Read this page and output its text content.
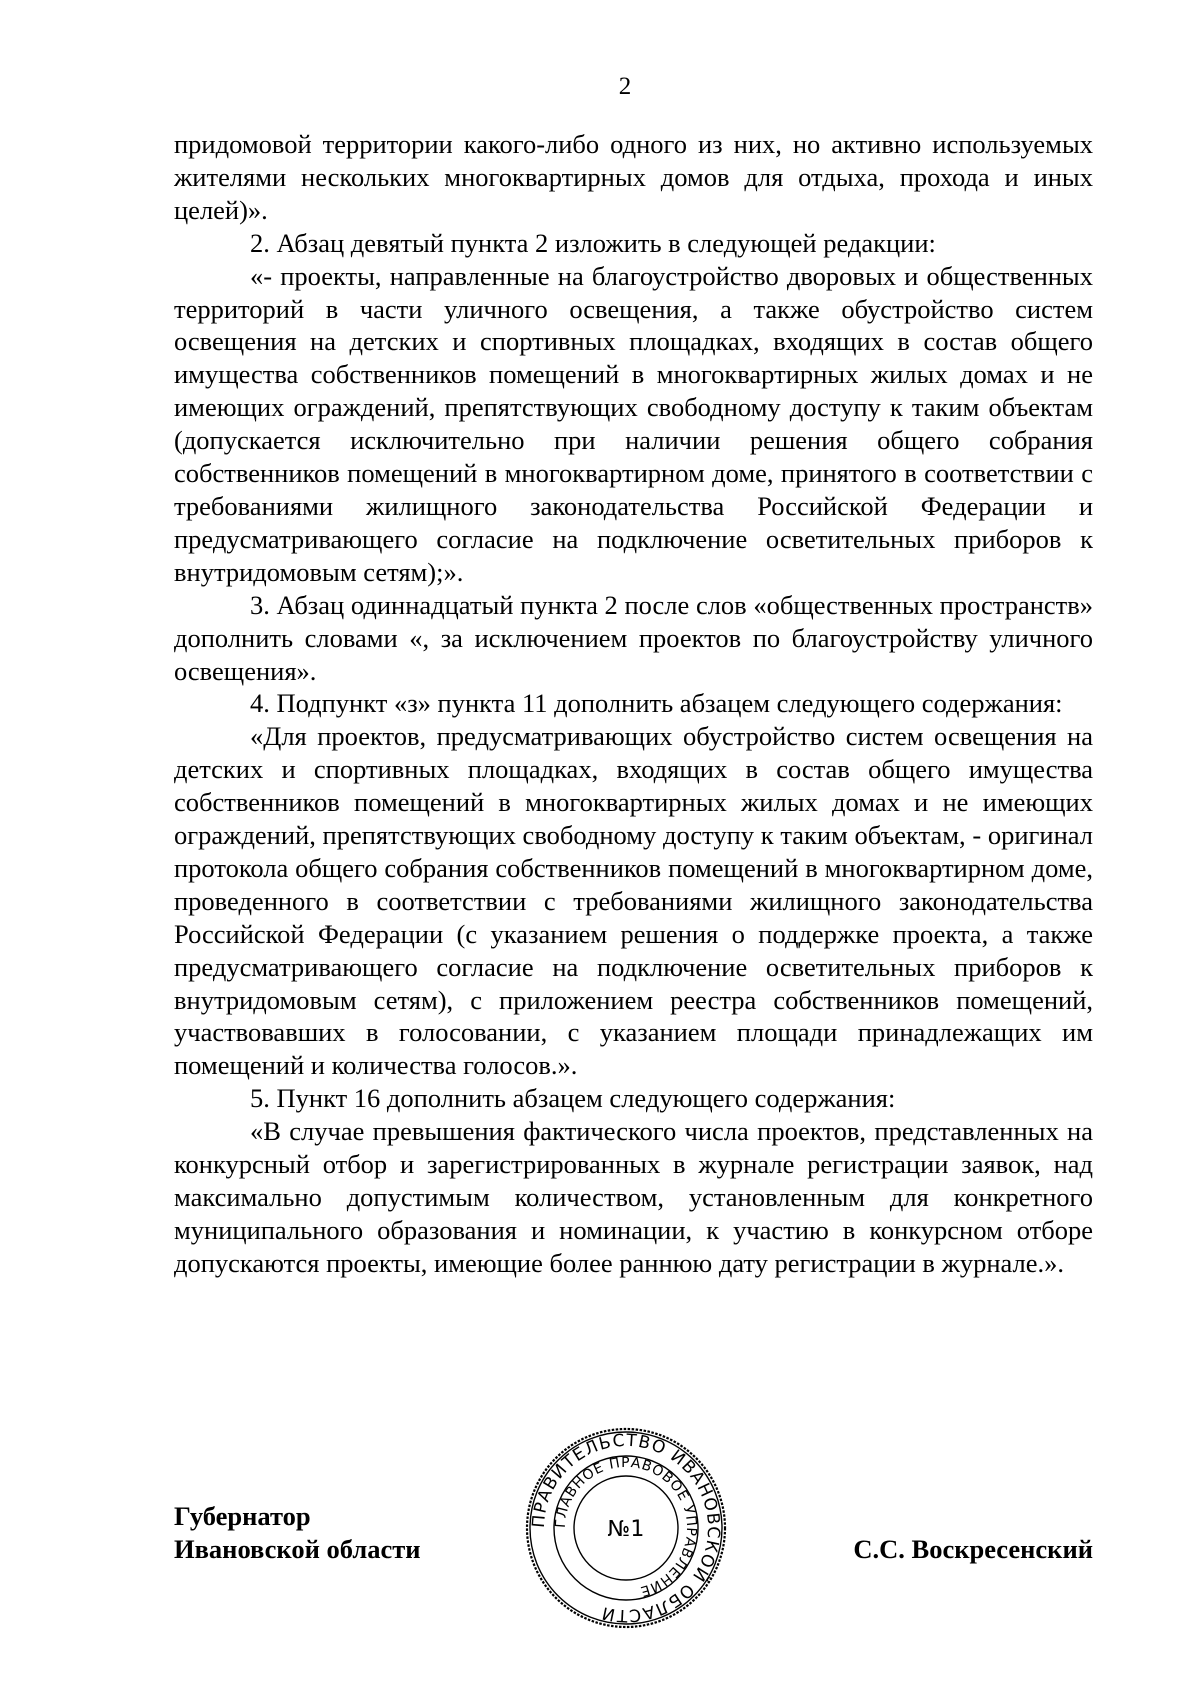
2

придомовой территории какого-либо одного из них, но активно используемых жителями нескольких многоквартирных домов для отдыха, прохода и иных целей)».

2. Абзац девятый пункта 2 изложить в следующей редакции:

«- проекты, направленные на благоустройство дворовых и общественных территорий в части уличного освещения, а также обустройство систем освещения на детских и спортивных площадках, входящих в состав общего имущества собственников помещений в многоквартирных жилых домах и не имеющих ограждений, препятствующих свободному доступу к таким объектам (допускается исключительно при наличии решения общего собрания собственников помещений в многоквартирном доме, принятого в соответствии с требованиями жилищного законодательства Российской Федерации и предусматривающего согласие на подключение осветительных приборов к внутридомовым сетям);».

3. Абзац одиннадцатый пункта 2 после слов «общественных пространств» дополнить словами «, за исключением проектов по благоустройству уличного освещения».

4. Подпункт «з» пункта 11 дополнить абзацем следующего содержания:

«Для проектов, предусматривающих обустройство систем освещения на детских и спортивных площадках, входящих в состав общего имущества собственников помещений в многоквартирных жилых домах и не имеющих ограждений, препятствующих свободному доступу к таким объектам, - оригинал протокола общего собрания собственников помещений в многоквартирном доме, проведенного в соответствии с требованиями жилищного законодательства Российской Федерации (с указанием решения о поддержке проекта, а также предусматривающего согласие на подключение осветительных приборов к внутридомовым сетям), с приложением реестра собственников помещений, участвовавших в голосовании, с указанием площади принадлежащих им помещений и количества голосов.».

5. Пункт 16 дополнить абзацем следующего содержания:

«В случае превышения фактического числа проектов, представленных на конкурсный отбор и зарегистрированных в журнале регистрации заявок, над максимально допустимым количеством, установленным для конкретного муниципального образования и номинации, к участию в конкурсном отборе допускаются проекты, имеющие более раннюю дату регистрации в журнале.».

Губернатор
Ивановской области	С.С. Воскресенский
ПРАВИТЕЛЬСТВО ИВАНОВСКОЙ ОБЛАСТИ
ГЛАВНОЕ ПРАВОВОЕ УПРАВЛЕНИЕ
№1
